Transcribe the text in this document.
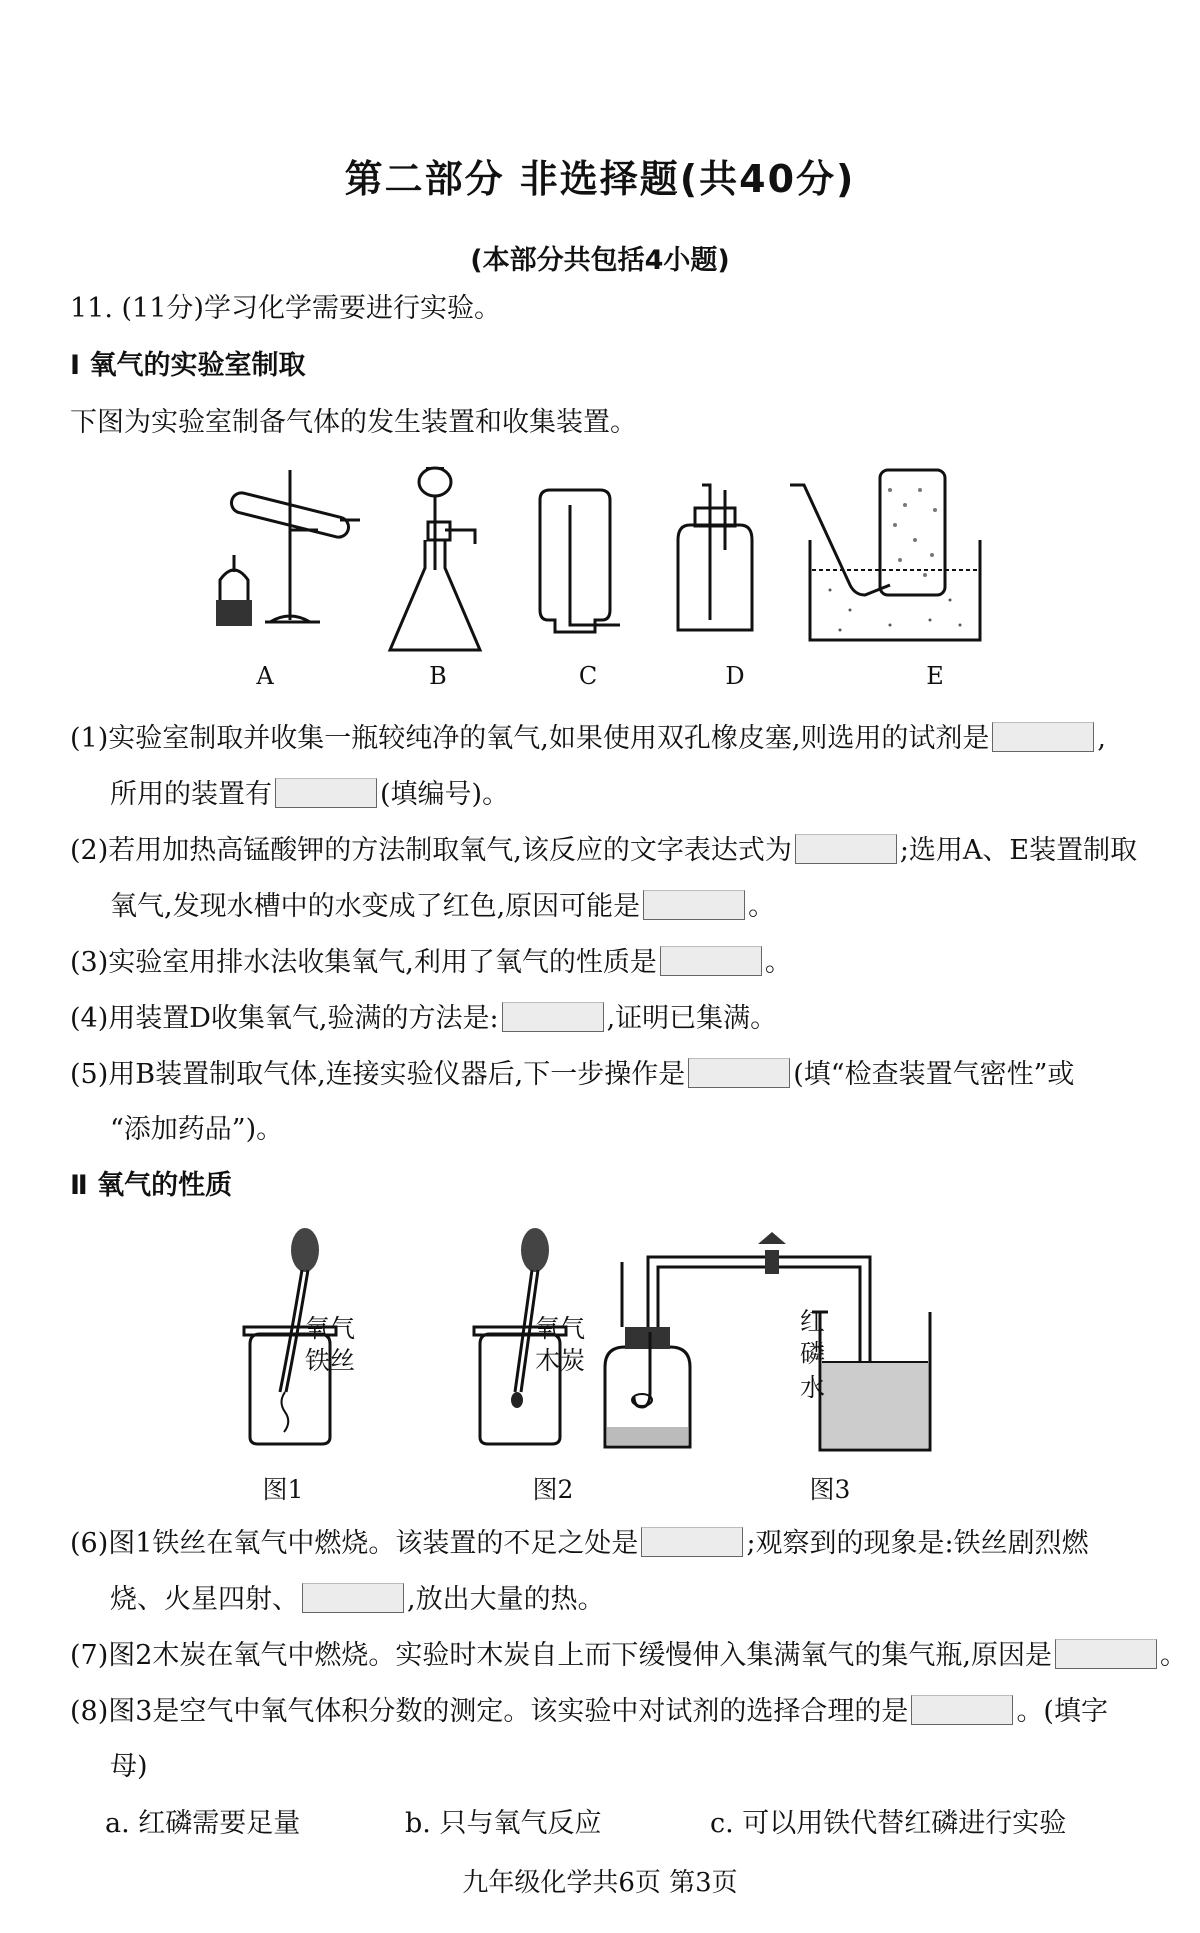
第二部分 非选择题(共40分)
(本部分共包括4小题)
11. (11分)学习化学需要进行实验。
Ⅰ 氧气的实验室制取
下图为实验室制备气体的发生装置和收集装置。
A	B	C	D	E
(1)实验室制取并收集一瓶较纯净的氧气,如果使用双孔橡皮塞,则选用的试剂是	,
所用的装置有	(填编号)。
(2)若用加热高锰酸钾的方法制取氧气,该反应的文字表达式为	;选用A、E装置制取
氧气,发现水槽中的水变成了红色,原因可能是	。
(3)实验室用排水法收集氧气,利用了氧气的性质是	。
(4)用装置D收集氧气,验满的方法是:	,证明已集满。
(5)用B装置制取气体,连接实验仪器后,下一步操作是	(填“检查装置气密性”或
“添加药品”)。
Ⅱ 氧气的性质
氧气
铁丝
氧气
木炭
红
磷
水
图1	图2	图3
(6)图1铁丝在氧气中燃烧。该装置的不足之处是	;观察到的现象是:铁丝剧烈燃
烧、火星四射、	,放出大量的热。
(7)图2木炭在氧气中燃烧。实验时木炭自上而下缓慢伸入集满氧气的集气瓶,原因是	。
(8)图3是空气中氧气体积分数的测定。该实验中对试剂的选择合理的是	。(填字
母)
a. 红磷需要足量	b. 只与氧气反应	c. 可以用铁代替红磷进行实验
九年级化学共6页 第3页
